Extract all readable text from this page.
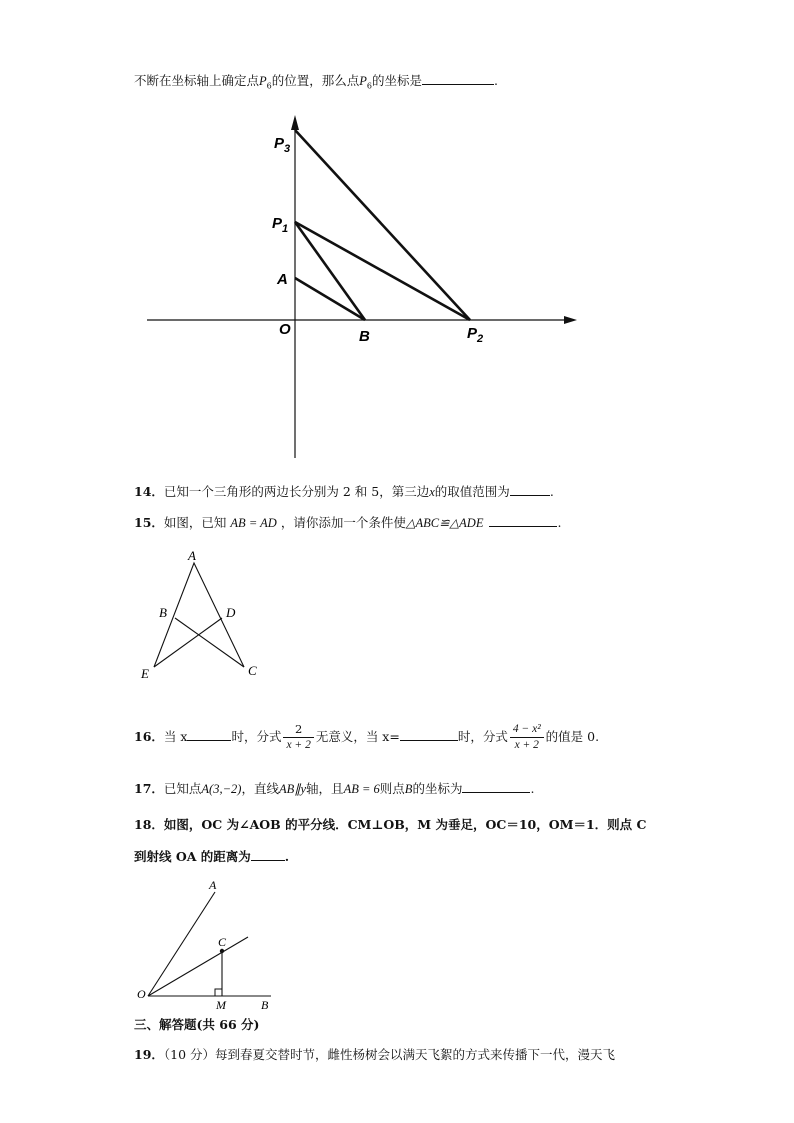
不断在坐标轴上确定点$P_6$的位置，那么点$P_6$的坐标是	.
$P_3$
$P_1$
A
O	B	$P_2$
14．已知一个三角形的两边长分别为 2 和 5，第三边x的取值范围为	.
15．如图，已知 AB = AD ，请你添加一个条件使△ABC≌△ADE	.
A
B	D
E	C
16．当 x	时，分式 $\frac{2}{x + 2}$ 无意义，当 x=	时，分式 $\frac{\text{4 − x²}}{x + 2}$ 的值是 0.
17．已知点A(3,−2)，直线AB∥y轴，且AB = 6则点B的坐标为	.
18．如图，OC 为∠AOB 的平分线．CM⊥OB，M 为垂足，OC＝10，OM＝1．则点 C
到射线 OA 的距离为	.
A
C
O
M	B
三、解答题(共 66 分)
19．（10 分）每到春夏交替时节，雌性杨树会以满天飞絮的方式来传播下一代，漫天飞
